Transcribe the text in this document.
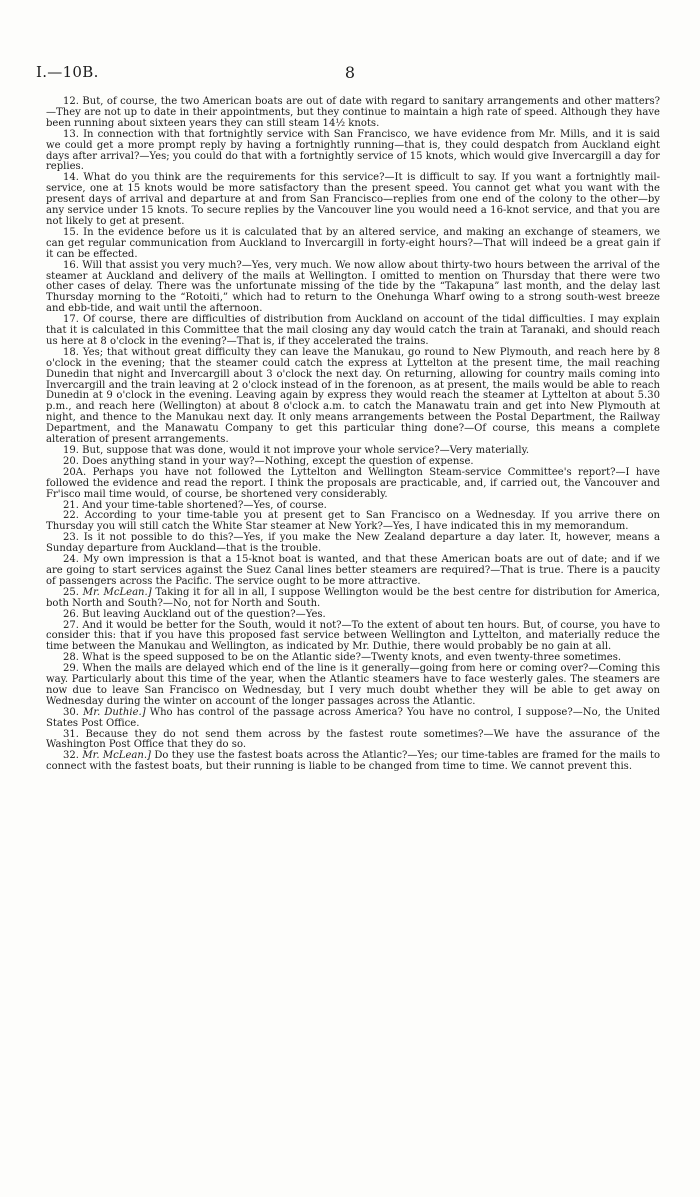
I.—10B.	8

12. But, of course, the two American boats are out of date with regard to sanitary arrangements and other matters?—They are not up to date in their appointments, but they continue to maintain a high rate of speed. Although they have been running about sixteen years they can still steam 14½ knots.

13. In connection with that fortnightly service with San Francisco, we have evidence from Mr. Mills, and it is said we could get a more prompt reply by having a fortnightly running—that is, they could despatch from Auckland eight days after arrival?—Yes; you could do that with a fortnightly service of 15 knots, which would give Invercargill a day for replies.

14. What do you think are the requirements for this service?—It is difficult to say. If you want a fortnightly mail-service, one at 15 knots would be more satisfactory than the present speed. You cannot get what you want with the present days of arrival and departure at and from San Francisco—replies from one end of the colony to the other—by any service under 15 knots. To secure replies by the Vancouver line you would need a 16-knot service, and that you are not likely to get at present.

15. In the evidence before us it is calculated that by an altered service, and making an exchange of steamers, we can get regular communication from Auckland to Invercargill in forty-eight hours?—That will indeed be a great gain if it can be effected.

16. Will that assist you very much?—Yes, very much. We now allow about thirty-two hours between the arrival of the steamer at Auckland and delivery of the mails at Wellington. I omitted to mention on Thursday that there were two other cases of delay. There was the unfortunate missing of the tide by the “Takapuna” last month, and the delay last Thursday morning to the “Rotoiti,” which had to return to the Onehunga Wharf owing to a strong south-west breeze and ebb-tide, and wait until the afternoon.

17. Of course, there are difficulties of distribution from Auckland on account of the tidal difficulties. I may explain that it is calculated in this Committee that the mail closing any day would catch the train at Taranaki, and should reach us here at 8 o'clock in the evening?—That is, if they accelerated the trains.

18. Yes; that without great difficulty they can leave the Manukau, go round to New Plymouth, and reach here by 8 o'clock in the evening; that the steamer could catch the express at Lyttelton at the present time, the mail reaching Dunedin that night and Invercargill about 3 o'clock the next day. On returning, allowing for country mails coming into Invercargill and the train leaving at 2 o'clock instead of in the forenoon, as at present, the mails would be able to reach Dunedin at 9 o'clock in the evening. Leaving again by express they would reach the steamer at Lyttelton at about 5.30 p.m., and reach here (Wellington) at about 8 o'clock a.m. to catch the Manawatu train and get into New Plymouth at night, and thence to the Manukau next day. It only means arrangements between the Postal Department, the Railway Department, and the Manawatu Company to get this particular thing done?—Of course, this means a complete alteration of present arrangements.

19. But, suppose that was done, would it not improve your whole service?—Very materially.

20. Does anything stand in your way?—Nothing, except the question of expense.

20A. Perhaps you have not followed the Lyttelton and Wellington Steam-service Committee's report?—I have followed the evidence and read the report. I think the proposals are practicable, and, if carried out, the Vancouver and Fr'isco mail time would, of course, be shortened very considerably.

21. And your time-table shortened?—Yes, of course.

22. According to your time-table you at present get to San Francisco on a Wednesday. If you arrive there on Thursday you will still catch the White Star steamer at New York?—Yes, I have indicated this in my memorandum.

23. Is it not possible to do this?—Yes, if you make the New Zealand departure a day later. It, however, means a Sunday departure from Auckland—that is the trouble.

24. My own impression is that a 15-knot boat is wanted, and that these American boats are out of date; and if we are going to start services against the Suez Canal lines better steamers are required?—That is true. There is a paucity of passengers across the Pacific. The service ought to be more attractive.

25. Mr. McLean.] Taking it for all in all, I suppose Wellington would be the best centre for distribution for America, both North and South?—No, not for North and South.

26. But leaving Auckland out of the question?—Yes.

27. And it would be better for the South, would it not?—To the extent of about ten hours. But, of course, you have to consider this: that if you have this proposed fast service between Wellington and Lyttelton, and materially reduce the time between the Manukau and Wellington, as indicated by Mr. Duthie, there would probably be no gain at all.

28. What is the speed supposed to be on the Atlantic side?—Twenty knots, and even twenty-three sometimes.

29. When the mails are delayed which end of the line is it generally—going from here or coming over?—Coming this way. Particularly about this time of the year, when the Atlantic steamers have to face westerly gales. The steamers are now due to leave San Francisco on Wednesday, but I very much doubt whether they will be able to get away on Wednesday during the winter on account of the longer passages across the Atlantic.

30. Mr. Duthie.] Who has control of the passage across America? You have no control, I suppose?—No, the United States Post Office.

31. Because they do not send them across by the fastest route sometimes?—We have the assurance of the Washington Post Office that they do so.

32. Mr. McLean.] Do they use the fastest boats across the Atlantic?—Yes; our time-tables are framed for the mails to connect with the fastest boats, but their running is liable to be changed from time to time. We cannot prevent this.
